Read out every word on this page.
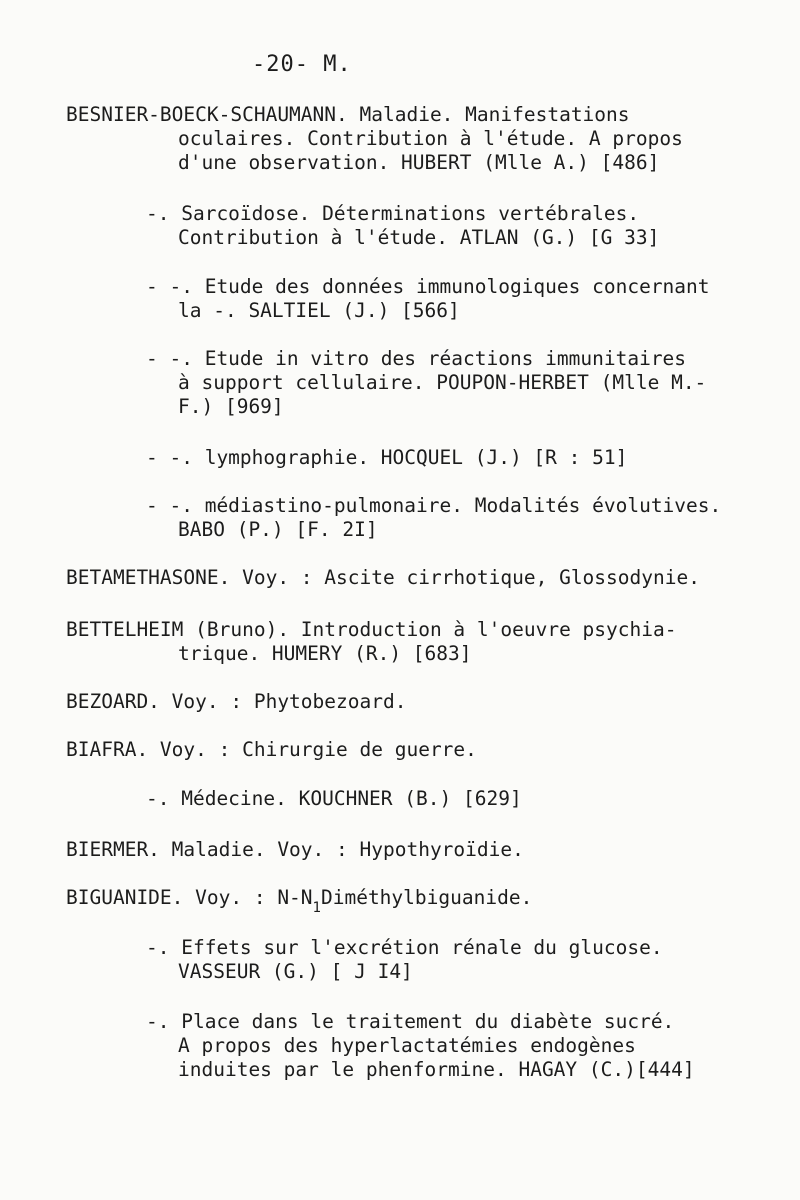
-20- M.
BESNIER-BOECK-SCHAUMANN. Maladie. Manifestations
oculaires. Contribution à l'étude. A propos
d'une observation. HUBERT (Mlle A.) [486]
-. Sarcoïdose. Déterminations vertébrales.
Contribution à l'étude. ATLAN (G.) [G 33]
- -. Etude des données immunologiques concernant
la -. SALTIEL (J.) [566]
- -. Etude in vitro des réactions immunitaires
à support cellulaire. POUPON-HERBET (Mlle M.-
F.) [969]
- -. lymphographie. HOCQUEL (J.) [R : 51]
- -. médiastino-pulmonaire. Modalités évolutives.
BABO (P.) [F. 2I]
BETAMETHASONE. Voy. : Ascite cirrhotique, Glossodynie.
BETTELHEIM (Bruno). Introduction à l'oeuvre psychia-
trique. HUMERY (R.) [683]
BEZOARD. Voy. : Phytobezoard.
BIAFRA. Voy. : Chirurgie de guerre.
-. Médecine. KOUCHNER (B.) [629]
BIERMER. Maladie. Voy. : Hypothyroïdie.
BIGUANIDE. Voy. : $N-N_1Diméthylbiguanide$.
-. Effets sur l'excrétion rénale du glucose.
VASSEUR (G.) [ J I4]
-. Place dans le traitement du diabète sucré.
A propos des hyperlactatémies endogènes
induites par le phenformine. HAGAY (C.)[444]
